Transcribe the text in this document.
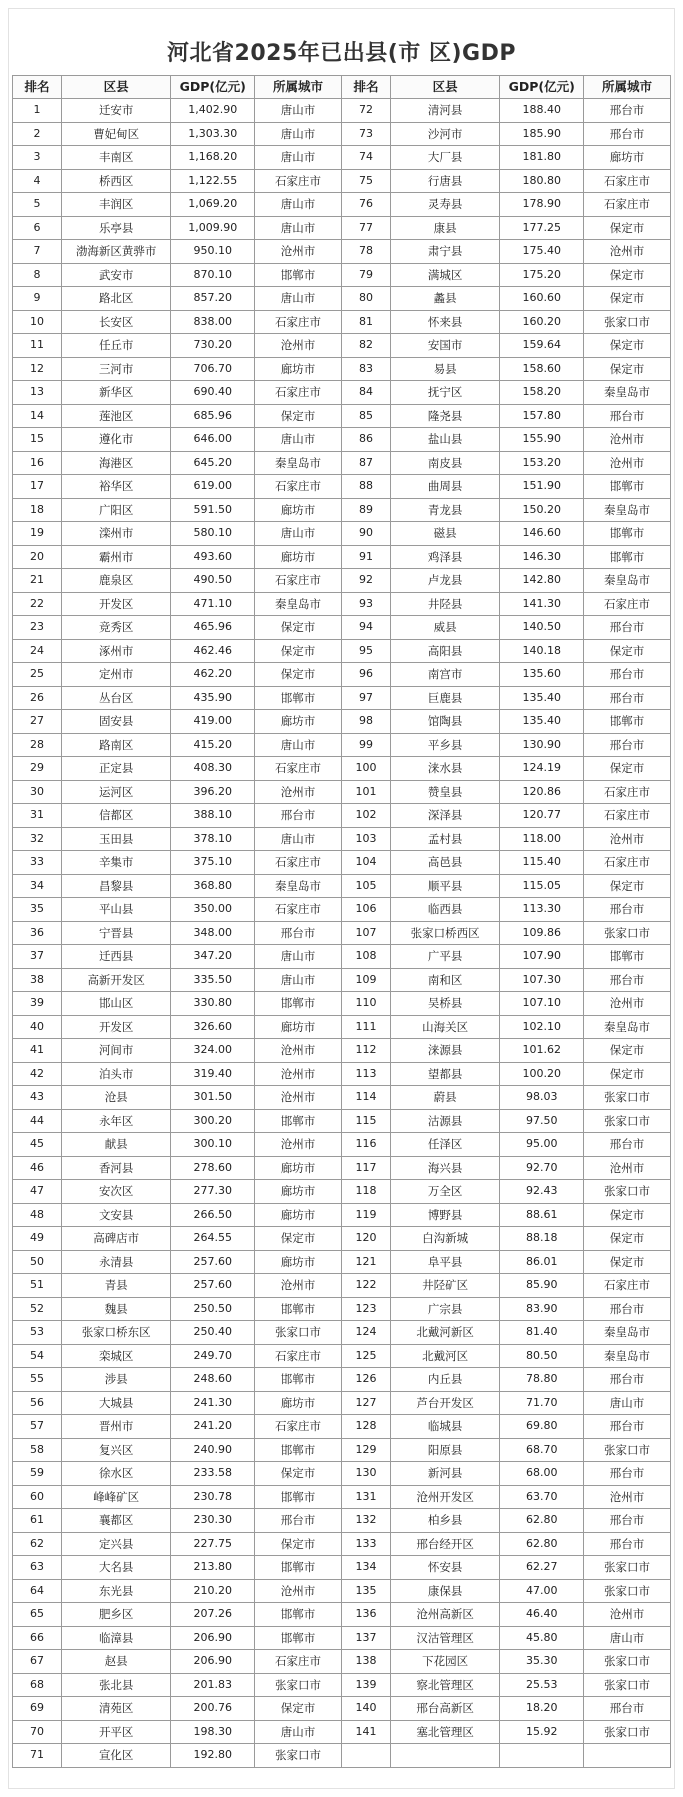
河北省2025年已出县(市 区)GDP
排名	区县	GDP(亿元)	所属城市	排名	区县	GDP(亿元)	所属城市
1	迁安市	1,402.90	唐山市	72	清河县	188.40	邢台市
2	曹妃甸区	1,303.30	唐山市	73	沙河市	185.90	邢台市
3	丰南区	1,168.20	唐山市	74	大厂县	181.80	廊坊市
4	桥西区	1,122.55	石家庄市	75	行唐县	180.80	石家庄市
5	丰润区	1,069.20	唐山市	76	灵寿县	178.90	石家庄市
6	乐亭县	1,009.90	唐山市	77	康县	177.25	保定市
7	渤海新区黄骅市	950.10	沧州市	78	肃宁县	175.40	沧州市
8	武安市	870.10	邯郸市	79	满城区	175.20	保定市
9	路北区	857.20	唐山市	80	蠡县	160.60	保定市
10	长安区	838.00	石家庄市	81	怀来县	160.20	张家口市
11	任丘市	730.20	沧州市	82	安国市	159.64	保定市
12	三河市	706.70	廊坊市	83	易县	158.60	保定市
13	新华区	690.40	石家庄市	84	抚宁区	158.20	秦皇岛市
14	莲池区	685.96	保定市	85	隆尧县	157.80	邢台市
15	遵化市	646.00	唐山市	86	盐山县	155.90	沧州市
16	海港区	645.20	秦皇岛市	87	南皮县	153.20	沧州市
17	裕华区	619.00	石家庄市	88	曲周县	151.90	邯郸市
18	广阳区	591.50	廊坊市	89	青龙县	150.20	秦皇岛市
19	滦州市	580.10	唐山市	90	磁县	146.60	邯郸市
20	霸州市	493.60	廊坊市	91	鸡泽县	146.30	邯郸市
21	鹿泉区	490.50	石家庄市	92	卢龙县	142.80	秦皇岛市
22	开发区	471.10	秦皇岛市	93	井陉县	141.30	石家庄市
23	竞秀区	465.96	保定市	94	威县	140.50	邢台市
24	涿州市	462.46	保定市	95	高阳县	140.18	保定市
25	定州市	462.20	保定市	96	南宫市	135.60	邢台市
26	丛台区	435.90	邯郸市	97	巨鹿县	135.40	邢台市
27	固安县	419.00	廊坊市	98	馆陶县	135.40	邯郸市
28	路南区	415.20	唐山市	99	平乡县	130.90	邢台市
29	正定县	408.30	石家庄市	100	涞水县	124.19	保定市
30	运河区	396.20	沧州市	101	赞皇县	120.86	石家庄市
31	信都区	388.10	邢台市	102	深泽县	120.77	石家庄市
32	玉田县	378.10	唐山市	103	孟村县	118.00	沧州市
33	辛集市	375.10	石家庄市	104	高邑县	115.40	石家庄市
34	昌黎县	368.80	秦皇岛市	105	顺平县	115.05	保定市
35	平山县	350.00	石家庄市	106	临西县	113.30	邢台市
36	宁晋县	348.00	邢台市	107	张家口桥西区	109.86	张家口市
37	迁西县	347.20	唐山市	108	广平县	107.90	邯郸市
38	高新开发区	335.50	唐山市	109	南和区	107.30	邢台市
39	邯山区	330.80	邯郸市	110	吴桥县	107.10	沧州市
40	开发区	326.60	廊坊市	111	山海关区	102.10	秦皇岛市
41	河间市	324.00	沧州市	112	涞源县	101.62	保定市
42	泊头市	319.40	沧州市	113	望都县	100.20	保定市
43	沧县	301.50	沧州市	114	蔚县	98.03	张家口市
44	永年区	300.20	邯郸市	115	沽源县	97.50	张家口市
45	献县	300.10	沧州市	116	任泽区	95.00	邢台市
46	香河县	278.60	廊坊市	117	海兴县	92.70	沧州市
47	安次区	277.30	廊坊市	118	万全区	92.43	张家口市
48	文安县	266.50	廊坊市	119	博野县	88.61	保定市
49	高碑店市	264.55	保定市	120	白沟新城	88.18	保定市
50	永清县	257.60	廊坊市	121	阜平县	86.01	保定市
51	青县	257.60	沧州市	122	井陉矿区	85.90	石家庄市
52	魏县	250.50	邯郸市	123	广宗县	83.90	邢台市
53	张家口桥东区	250.40	张家口市	124	北戴河新区	81.40	秦皇岛市
54	栾城区	249.70	石家庄市	125	北戴河区	80.50	秦皇岛市
55	涉县	248.60	邯郸市	126	内丘县	78.80	邢台市
56	大城县	241.30	廊坊市	127	芦台开发区	71.70	唐山市
57	晋州市	241.20	石家庄市	128	临城县	69.80	邢台市
58	复兴区	240.90	邯郸市	129	阳原县	68.70	张家口市
59	徐水区	233.58	保定市	130	新河县	68.00	邢台市
60	峰峰矿区	230.78	邯郸市	131	沧州开发区	63.70	沧州市
61	襄都区	230.30	邢台市	132	柏乡县	62.80	邢台市
62	定兴县	227.75	保定市	133	邢台经开区	62.80	邢台市
63	大名县	213.80	邯郸市	134	怀安县	62.27	张家口市
64	东光县	210.20	沧州市	135	康保县	47.00	张家口市
65	肥乡区	207.26	邯郸市	136	沧州高新区	46.40	沧州市
66	临漳县	206.90	邯郸市	137	汉沽管理区	45.80	唐山市
67	赵县	206.90	石家庄市	138	下花园区	35.30	张家口市
68	张北县	201.83	张家口市	139	察北管理区	25.53	张家口市
69	清苑区	200.76	保定市	140	邢台高新区	18.20	邢台市
70	开平区	198.30	唐山市	141	塞北管理区	15.92	张家口市
71	宣化区	192.80	张家口市				
